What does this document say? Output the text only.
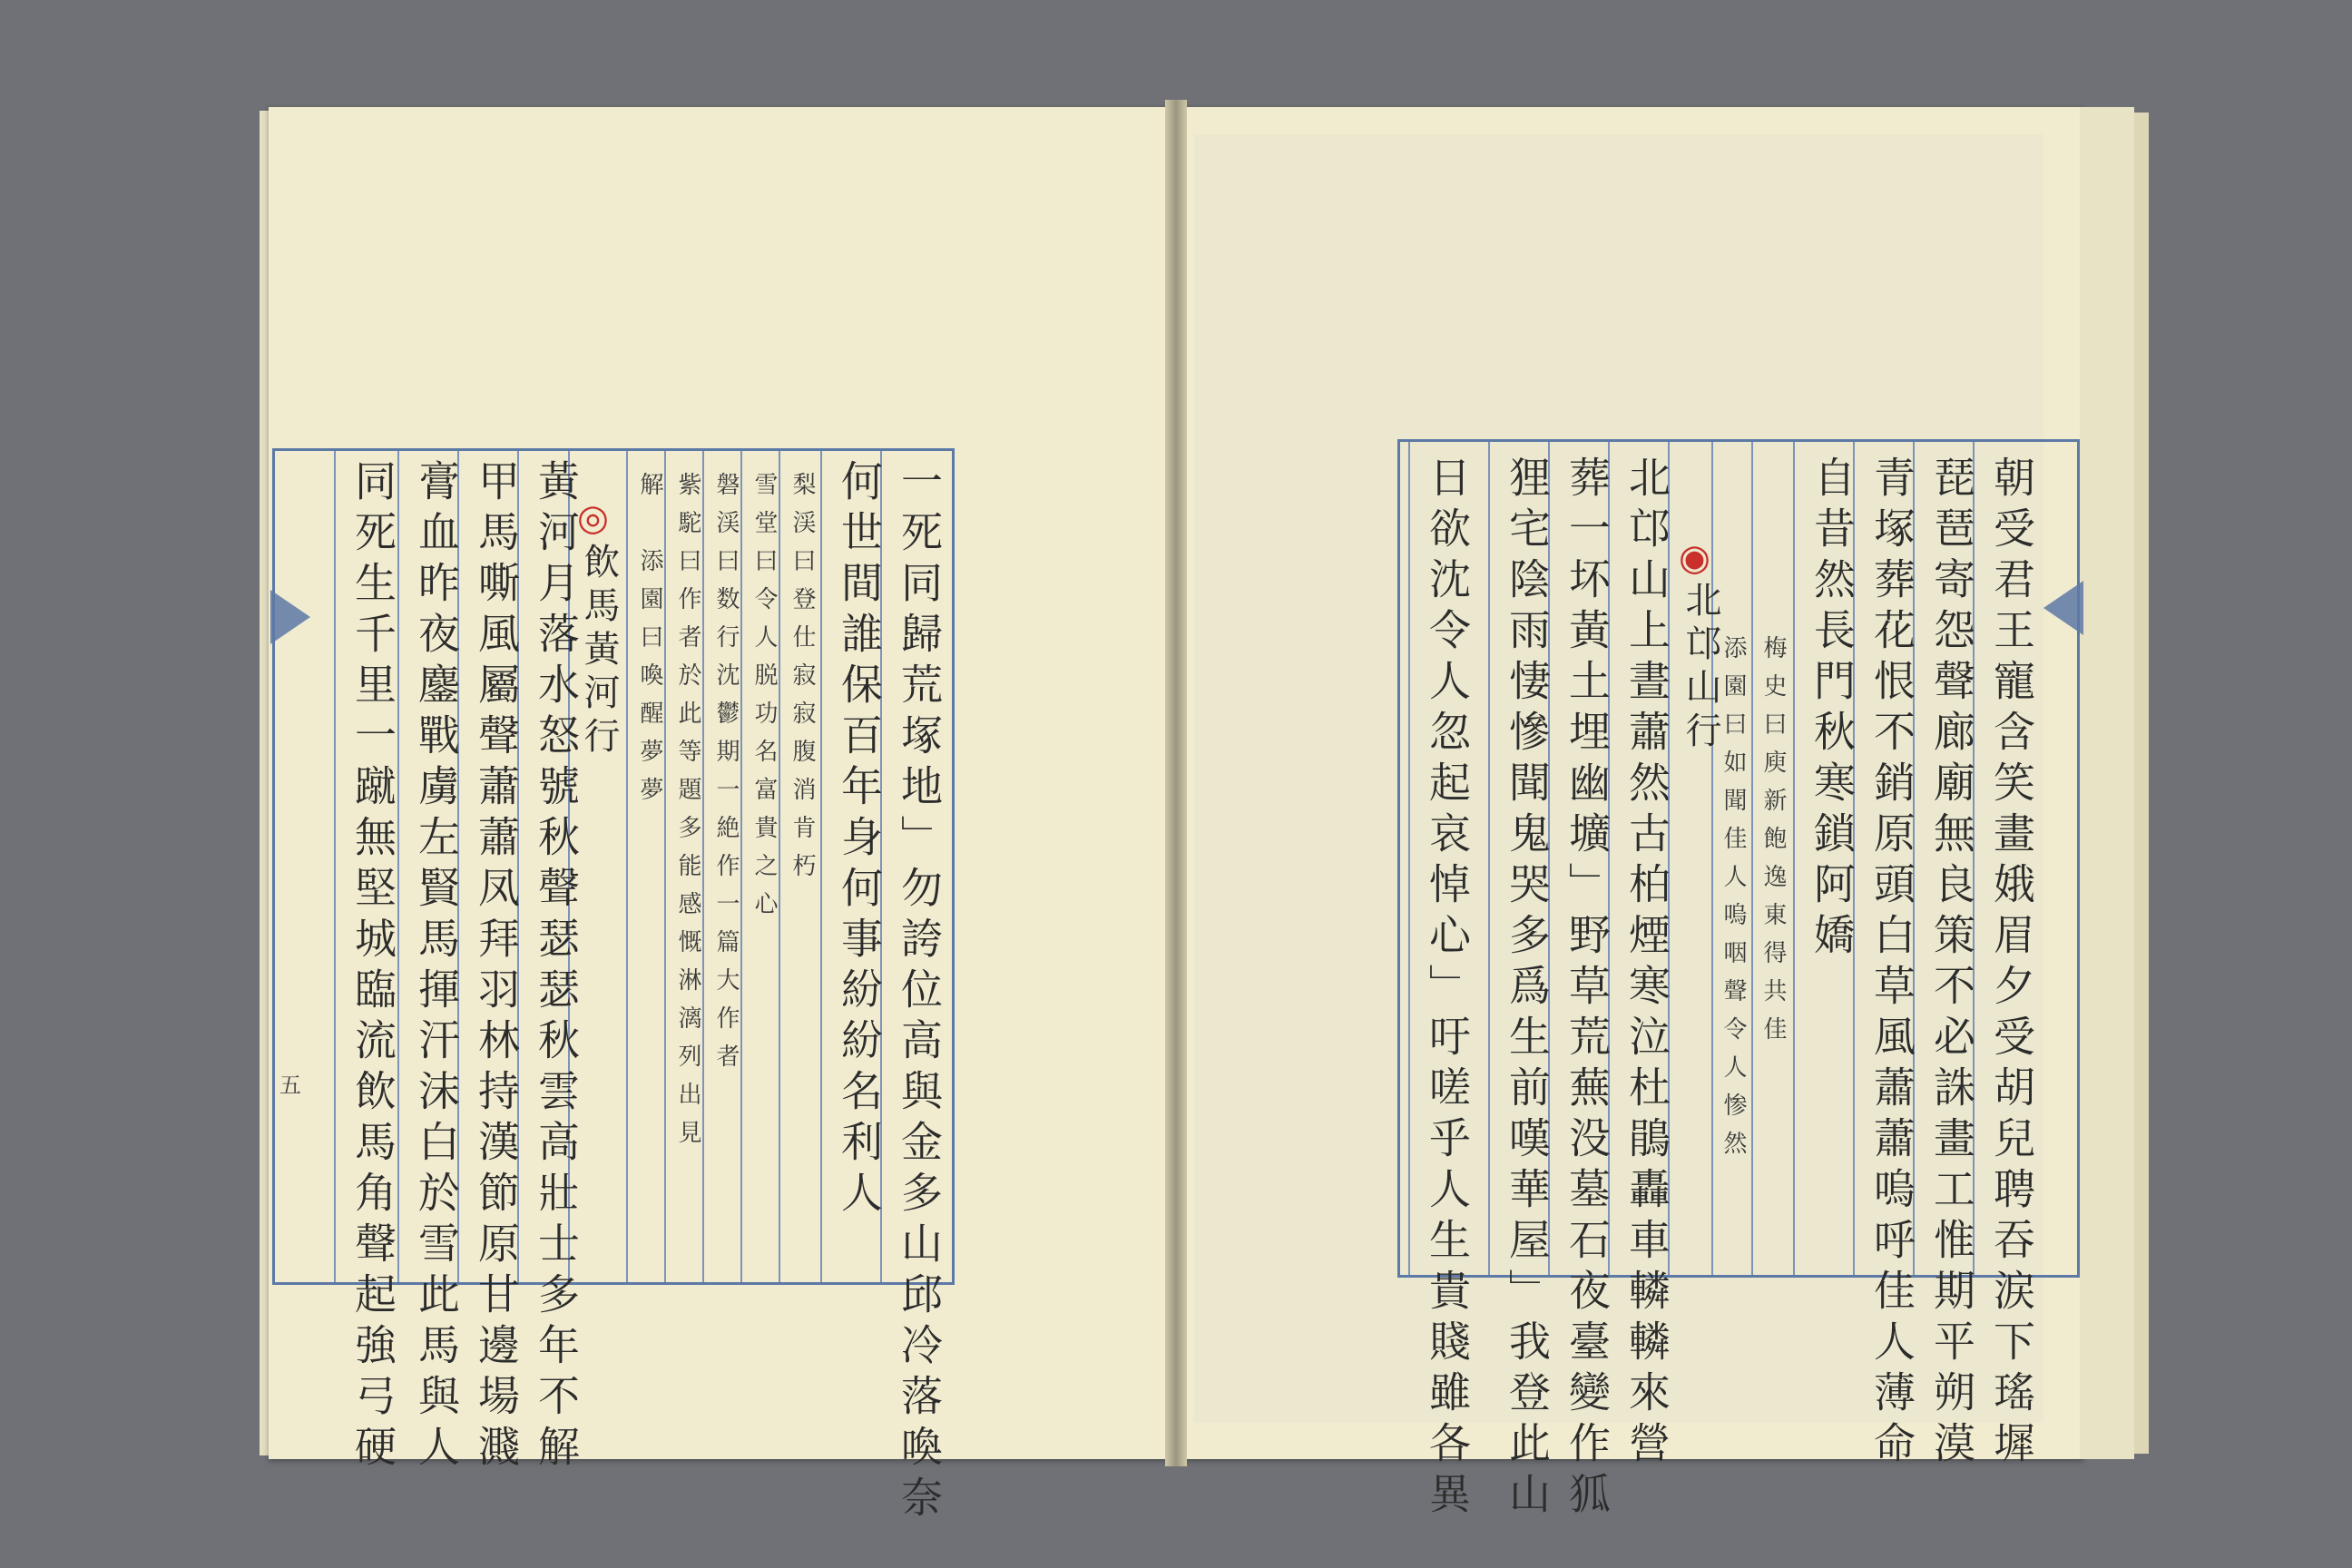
一死同歸荒塚地」勿誇位高與金多山邱冷落喚奈
何世間誰保百年身何事紛紛名利人
梨渓曰登仕寂寂腹消肯朽
雪堂曰令人脱功名富貴之心
磐渓曰数行沈鬱期一絶作一篇大作者
紫駝曰作者於此等題多能感慨淋漓列出見
解　添園曰喚醒夢夢
◎
飲馬黃河行
黃河月落水怒號秋聲瑟瑟秋雲高壯士多年不解
甲馬嘶風屬聲蕭蕭凤拜羽林持漢節原甘邊場濺
膏血昨夜鏖戰虜左賢馬揮汗沫白於雪此馬與人
同死生千里一蹴無堅城臨流飲馬角聲起強弓硬
五	朝受君王寵含笑畫娥眉夕受胡兒聘吞涙下瑤墀
琵琶寄怨聲廊廟無良策不必誅畫工惟期平朔漠
青塚葬花恨不銷原頭白草風蕭蕭嗚呼佳人薄命
自昔然長門秋寒鎖阿嬌
梅史曰庾新飽逸東得共佳
添園曰如聞佳人嗚咽聲令人惨然
◉
北邙山行
北邙山上晝蕭然古柏煙寒泣杜鵑轟車轔轔來營
葬一坏黃土埋幽壙」野草荒蕪没墓石夜臺變作狐
狸宅陰雨悽慘聞鬼哭多爲生前嘆華屋」我登此山
日欲沈令人忽起哀悼心」吁嗟乎人生貴賤雖各異
